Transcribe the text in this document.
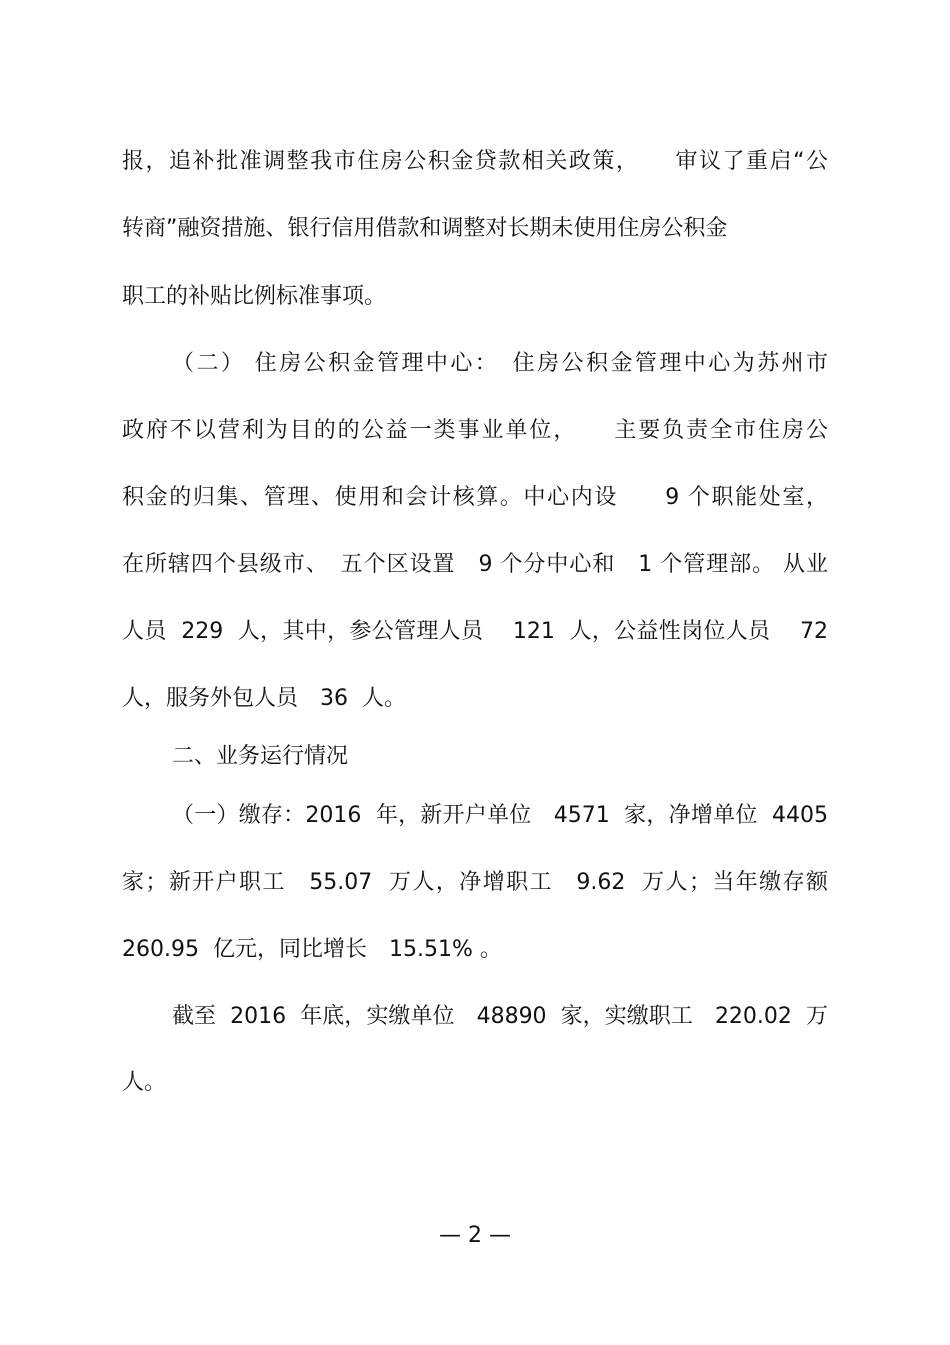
报，追补批准调整我市住房公积金贷款相关政策，　　审议了重启“公
转商”融资措施、银行信用借款和调整对长期未使用住房公积金
职工的补贴比例标准事项。
（二） 住房公积金管理中心：　住房公积金管理中心为苏州市
政府不以营利为目的的公益一类事业单位，　　主要负责全市住房公
积金的归集、管理、使用和会计核算。中心内设　　9 个职能处室，
在所辖四个县级市、　五个区设置　9 个分中心和　1 个管理部。 从业
人员  229  人，其中，参公管理人员　 121  人，公益性岗位人员　 72
人，服务外包人员　36  人。
二、业务运行情况
（一）缴存：2016  年，新开户单位　4571  家，净增单位  4405
家；新开户职工　55.07  万人，净增职工　9.62  万人；当年缴存额
260.95  亿元，同比增长　15.51% 。
截至  2016  年底，实缴单位　48890  家，实缴职工　220.02  万
人。
— 2 —
